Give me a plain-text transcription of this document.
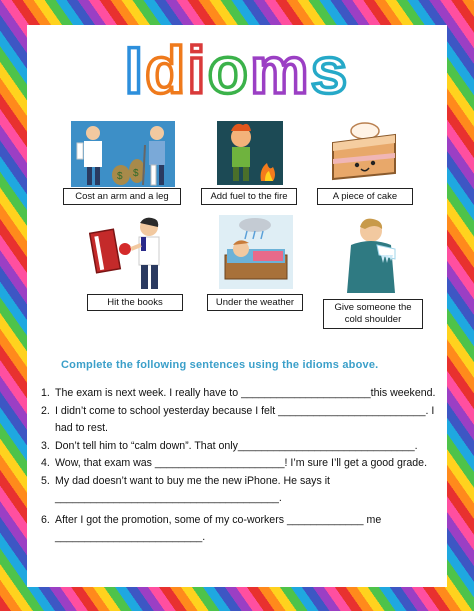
Idioms
$ $
Cost an arm and a leg	Add fuel to the fire	A piece of cake
Hit the books	Under the weather	Give someone the cold shoulder
Complete the following sentences using the idioms above.
1. The exam is next week. I really have to ______________________this weekend.
2. I didn’t come to school yesterday because I felt _________________________. I had to rest.
3. Don’t tell him to “calm down”. That only______________________________.
4. Wow, that exam was ______________________! I’m sure I’ll get a good grade.
5. My dad doesn’t want to buy me the new iPhone. He says it ______________________________________.
6. After I got the promotion, some of my co-workers _____________ me _________________________.
